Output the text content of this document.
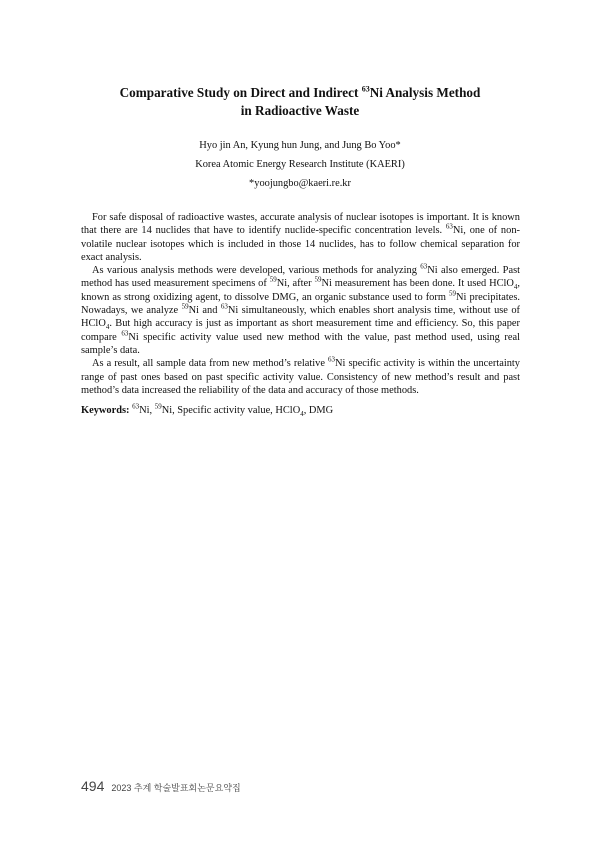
Comparative Study on Direct and Indirect $^{63}$Ni Analysis Method
in Radioactive Waste
Hyo jin An, Kyung hun Jung, and Jung Bo Yoo*
Korea Atomic Energy Research Institute (KAERI)
*yoojungbo@kaeri.re.kr

For safe disposal of radioactive wastes, accurate analysis of nuclear isotopes is important. It is known that there are 14 nuclides that have to identify nuclide-specific concentration levels. $^{63}$Ni, one of non-volatile nuclear isotopes which is included in those 14 nuclides, has to follow chemical separation for exact analysis.

As various analysis methods were developed, various methods for analyzing $^{63}$Ni also emerged. Past method has used measurement specimens of $^{59}$Ni, after $^{59}$Ni measurement has been done. It used HClO$_4$, known as strong oxidizing agent, to dissolve DMG, an organic substance used to form $^{59}$Ni precipitates. Nowadays, we analyze $^{59}$Ni and $^{63}$Ni simultaneously, which enables short analysis time, without use of HClO$_4$. But high accuracy is just as important as short measurement time and efficiency. So, this paper compare $^{63}$Ni specific activity value used new method with the value, past method used, using real sample’s data.

As a result, all sample data from new method’s relative $^{63}$Ni specific activity is within the uncertainty range of past ones based on past specific activity value. Consistency of new method’s result and past method’s data increased the reliability of the data and accuracy of those methods.

Keywords: $^{63}$Ni, $^{59}$Ni, Specific activity value, HClO$_4$, DMG
494 2023 추계 학술발표회논문요약집
